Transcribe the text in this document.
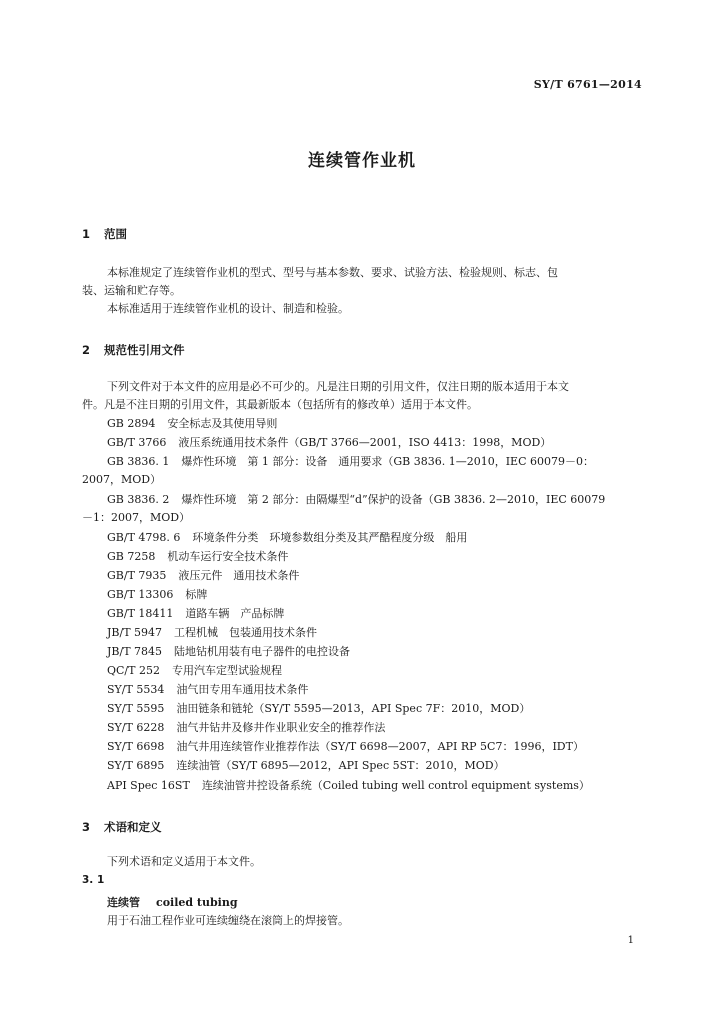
SY/T 6761—2014
连续管作业机
1 范围
本标准规定了连续管作业机的型式、型号与基本参数、要求、试验方法、检验规则、标志、包
装、运输和贮存等。
本标准适用于连续管作业机的设计、制造和检验。
2 规范性引用文件
下列文件对于本文件的应用是必不可少的。凡是注日期的引用文件，仅注日期的版本适用于本文
件。凡是不注日期的引用文件，其最新版本（包括所有的修改单）适用于本文件。
GB 2894 安全标志及其使用导则
GB/T 3766 液压系统通用技术条件（GB/T 3766—2001，ISO 4413：1998，MOD）
GB 3836. 1 爆炸性环境　第 1 部分：设备　通用要求（GB 3836. 1—2010，IEC 60079－0：
2007，MOD）
GB 3836. 2 爆炸性环境　第 2 部分：由隔爆型“d”保护的设备（GB 3836. 2—2010，IEC 60079
－1：2007，MOD）
GB/T 4798. 6 环境条件分类　环境参数组分类及其严酷程度分级　船用
GB 7258 机动车运行安全技术条件
GB/T 7935 液压元件　通用技术条件
GB/T 13306 标牌
GB/T 18411 道路车辆　产品标牌
JB/T 5947 工程机械　包装通用技术条件
JB/T 7845 陆地钻机用装有电子器件的电控设备
QC/T 252 专用汽车定型试验规程
SY/T 5534 油气田专用车通用技术条件
SY/T 5595 油田链条和链轮（SY/T 5595—2013，API Spec 7F：2010，MOD）
SY/T 6228 油气井钻井及修井作业职业安全的推荐作法
SY/T 6698 油气井用连续管作业推荐作法（SY/T 6698—2007，API RP 5C7：1996，IDT）
SY/T 6895 连续油管（SY/T 6895—2012，API Spec 5ST：2010，MOD）
API Spec 16ST 连续油管井控设备系统（Coiled tubing well control equipment systems）
3 术语和定义
下列术语和定义适用于本文件。
3. 1
连续管 coiled tubing
用于石油工程作业可连续缠绕在滚筒上的焊接管。
1
